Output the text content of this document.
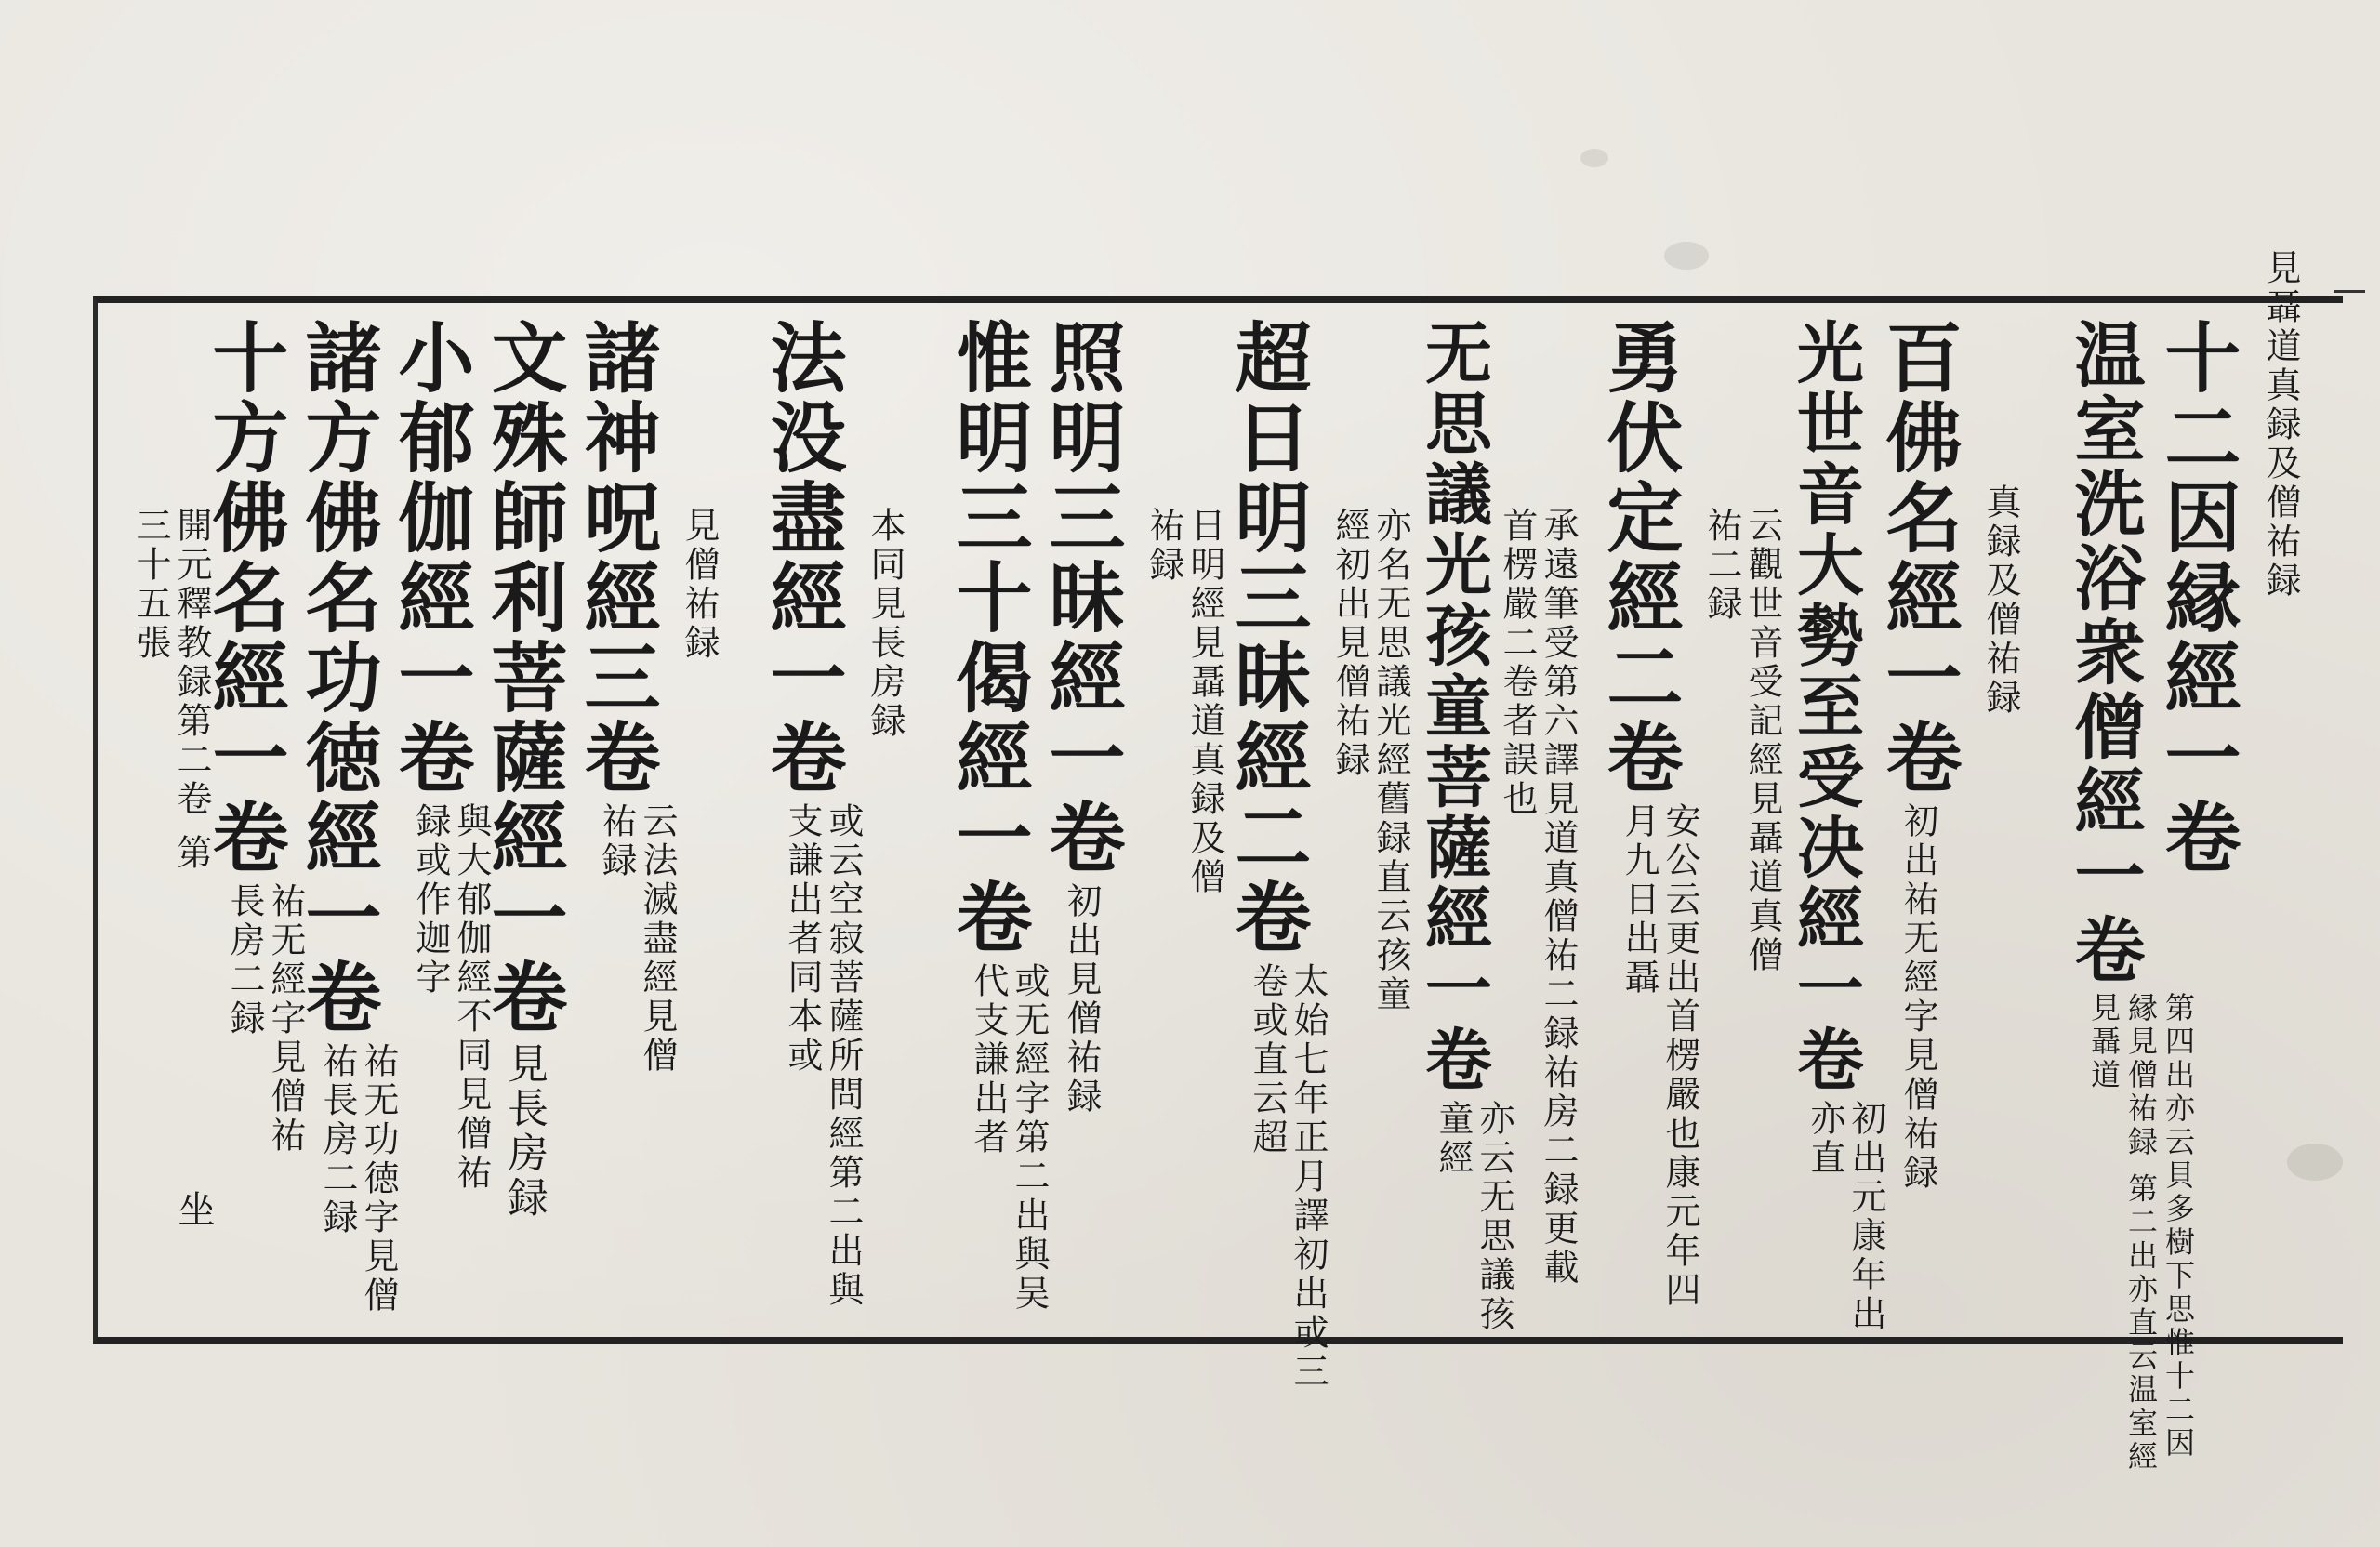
見聶道真録及僧祐録
十二因縁經一卷
温室洗浴衆僧經一卷 第四出亦云貝多樹下思惟十二因縁見僧祐録 第二出亦直云温室經見聶道
真録及僧祐録
百佛名經一卷 初出祐无經字見僧祐録
光世音大勢至受决經一卷 初出元康年出亦直
云觀世音受記經見聶道真僧祐二録
勇伏定經二卷 安公云更出首楞嚴也康元年四月九日出聶
承遠筆受第六譯見道真僧祐二録祐房二録更載首楞嚴二卷者誤也
无思議光孩童菩薩經一卷 亦云无思議孩童經
亦名无思議光經舊録直云孩童經初出見僧祐録
超日明三昧經二卷 太始七年正月譯初出或三卷或直云超
日明經見聶道真録及僧祐録
照明三昧經一卷 初出見僧祐録
惟明三十偈經一卷 或无經字第二出與吴代支謙出者
本同見長房録
法没盡經一卷 或云空寂菩薩所問經第二出與支謙出者同本或
見僧祐録
諸神呪經三卷 云法滅盡經見僧祐録
文殊師利菩薩經一卷 見長房録
小郁伽經一卷 與大郁伽經不同見僧祐録或作迦字
諸方佛名功徳經一卷 祐无功徳字見僧祐長房二録
十方佛名經一卷 祐无經字見僧祐長房二録
開元釋教録第二卷 第三十五張
坐
